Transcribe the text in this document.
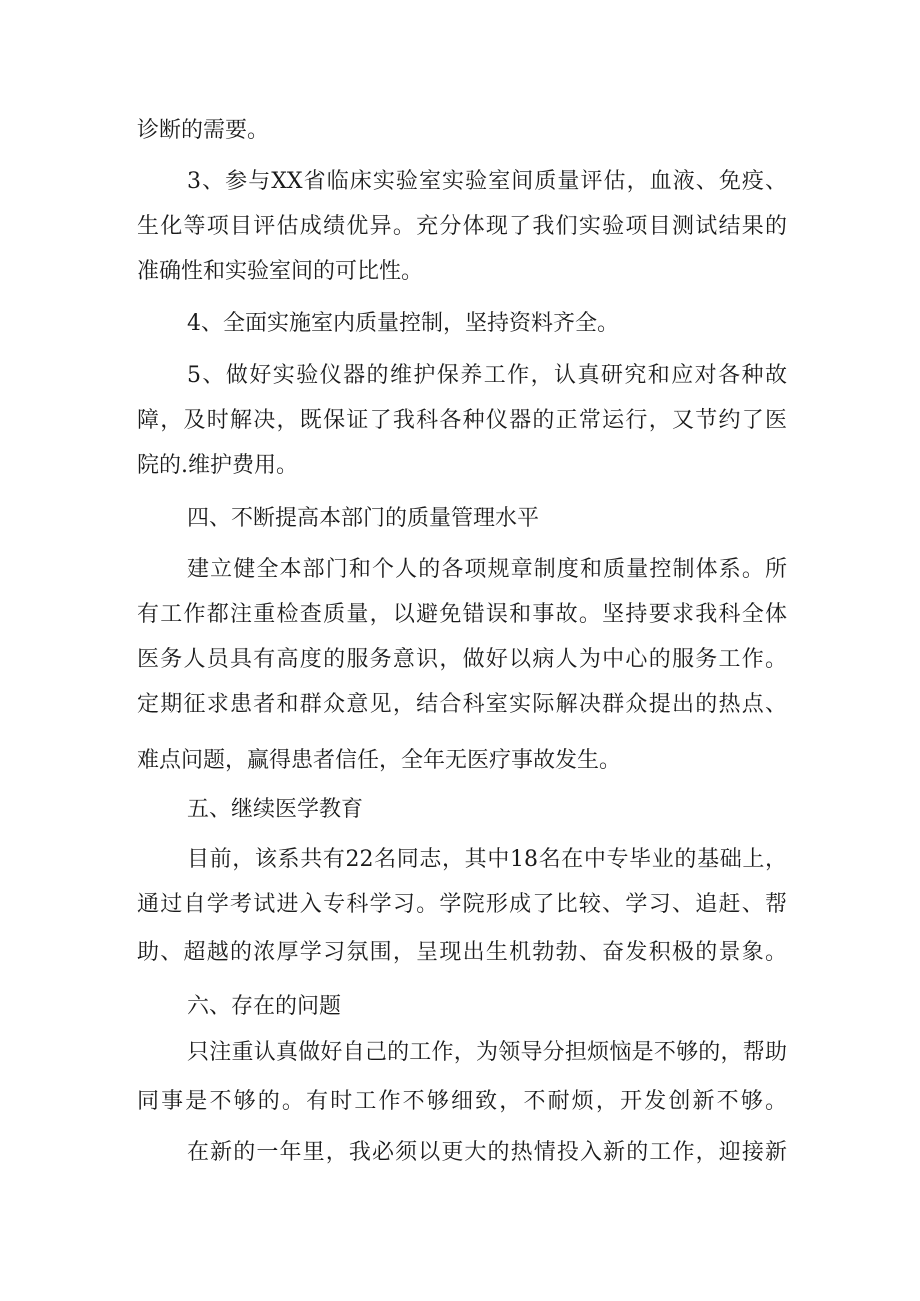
诊断的需要。
3、参与XX省临床实验室实验室间质量评估，血液、免疫、
生化等项目评估成绩优异。充分体现了我们实验项目测试结果的
准确性和实验室间的可比性。
4、全面实施室内质量控制，坚持资料齐全。
5、做好实验仪器的维护保养工作，认真研究和应对各种故
障，及时解决，既保证了我科各种仪器的正常运行，又节约了医
院的.维护费用。
四、不断提高本部门的质量管理水平
建立健全本部门和个人的各项规章制度和质量控制体系。所
有工作都注重检查质量，以避免错误和事故。坚持要求我科全体
医务人员具有高度的服务意识，做好以病人为中心的服务工作。
定期征求患者和群众意见，结合科室实际解决群众提出的热点、
难点问题，赢得患者信任，全年无医疗事故发生。
五、继续医学教育
目前，该系共有22名同志，其中18名在中专毕业的基础上，
通过自学考试进入专科学习。学院形成了比较、学习、追赶、帮
助、超越的浓厚学习氛围，呈现出生机勃勃、奋发积极的景象。
六、存在的问题
只注重认真做好自己的工作，为领导分担烦恼是不够的，帮助
同事是不够的。有时工作不够细致，不耐烦，开发创新不够。
在新的一年里，我必须以更大的热情投入新的工作，迎接新
